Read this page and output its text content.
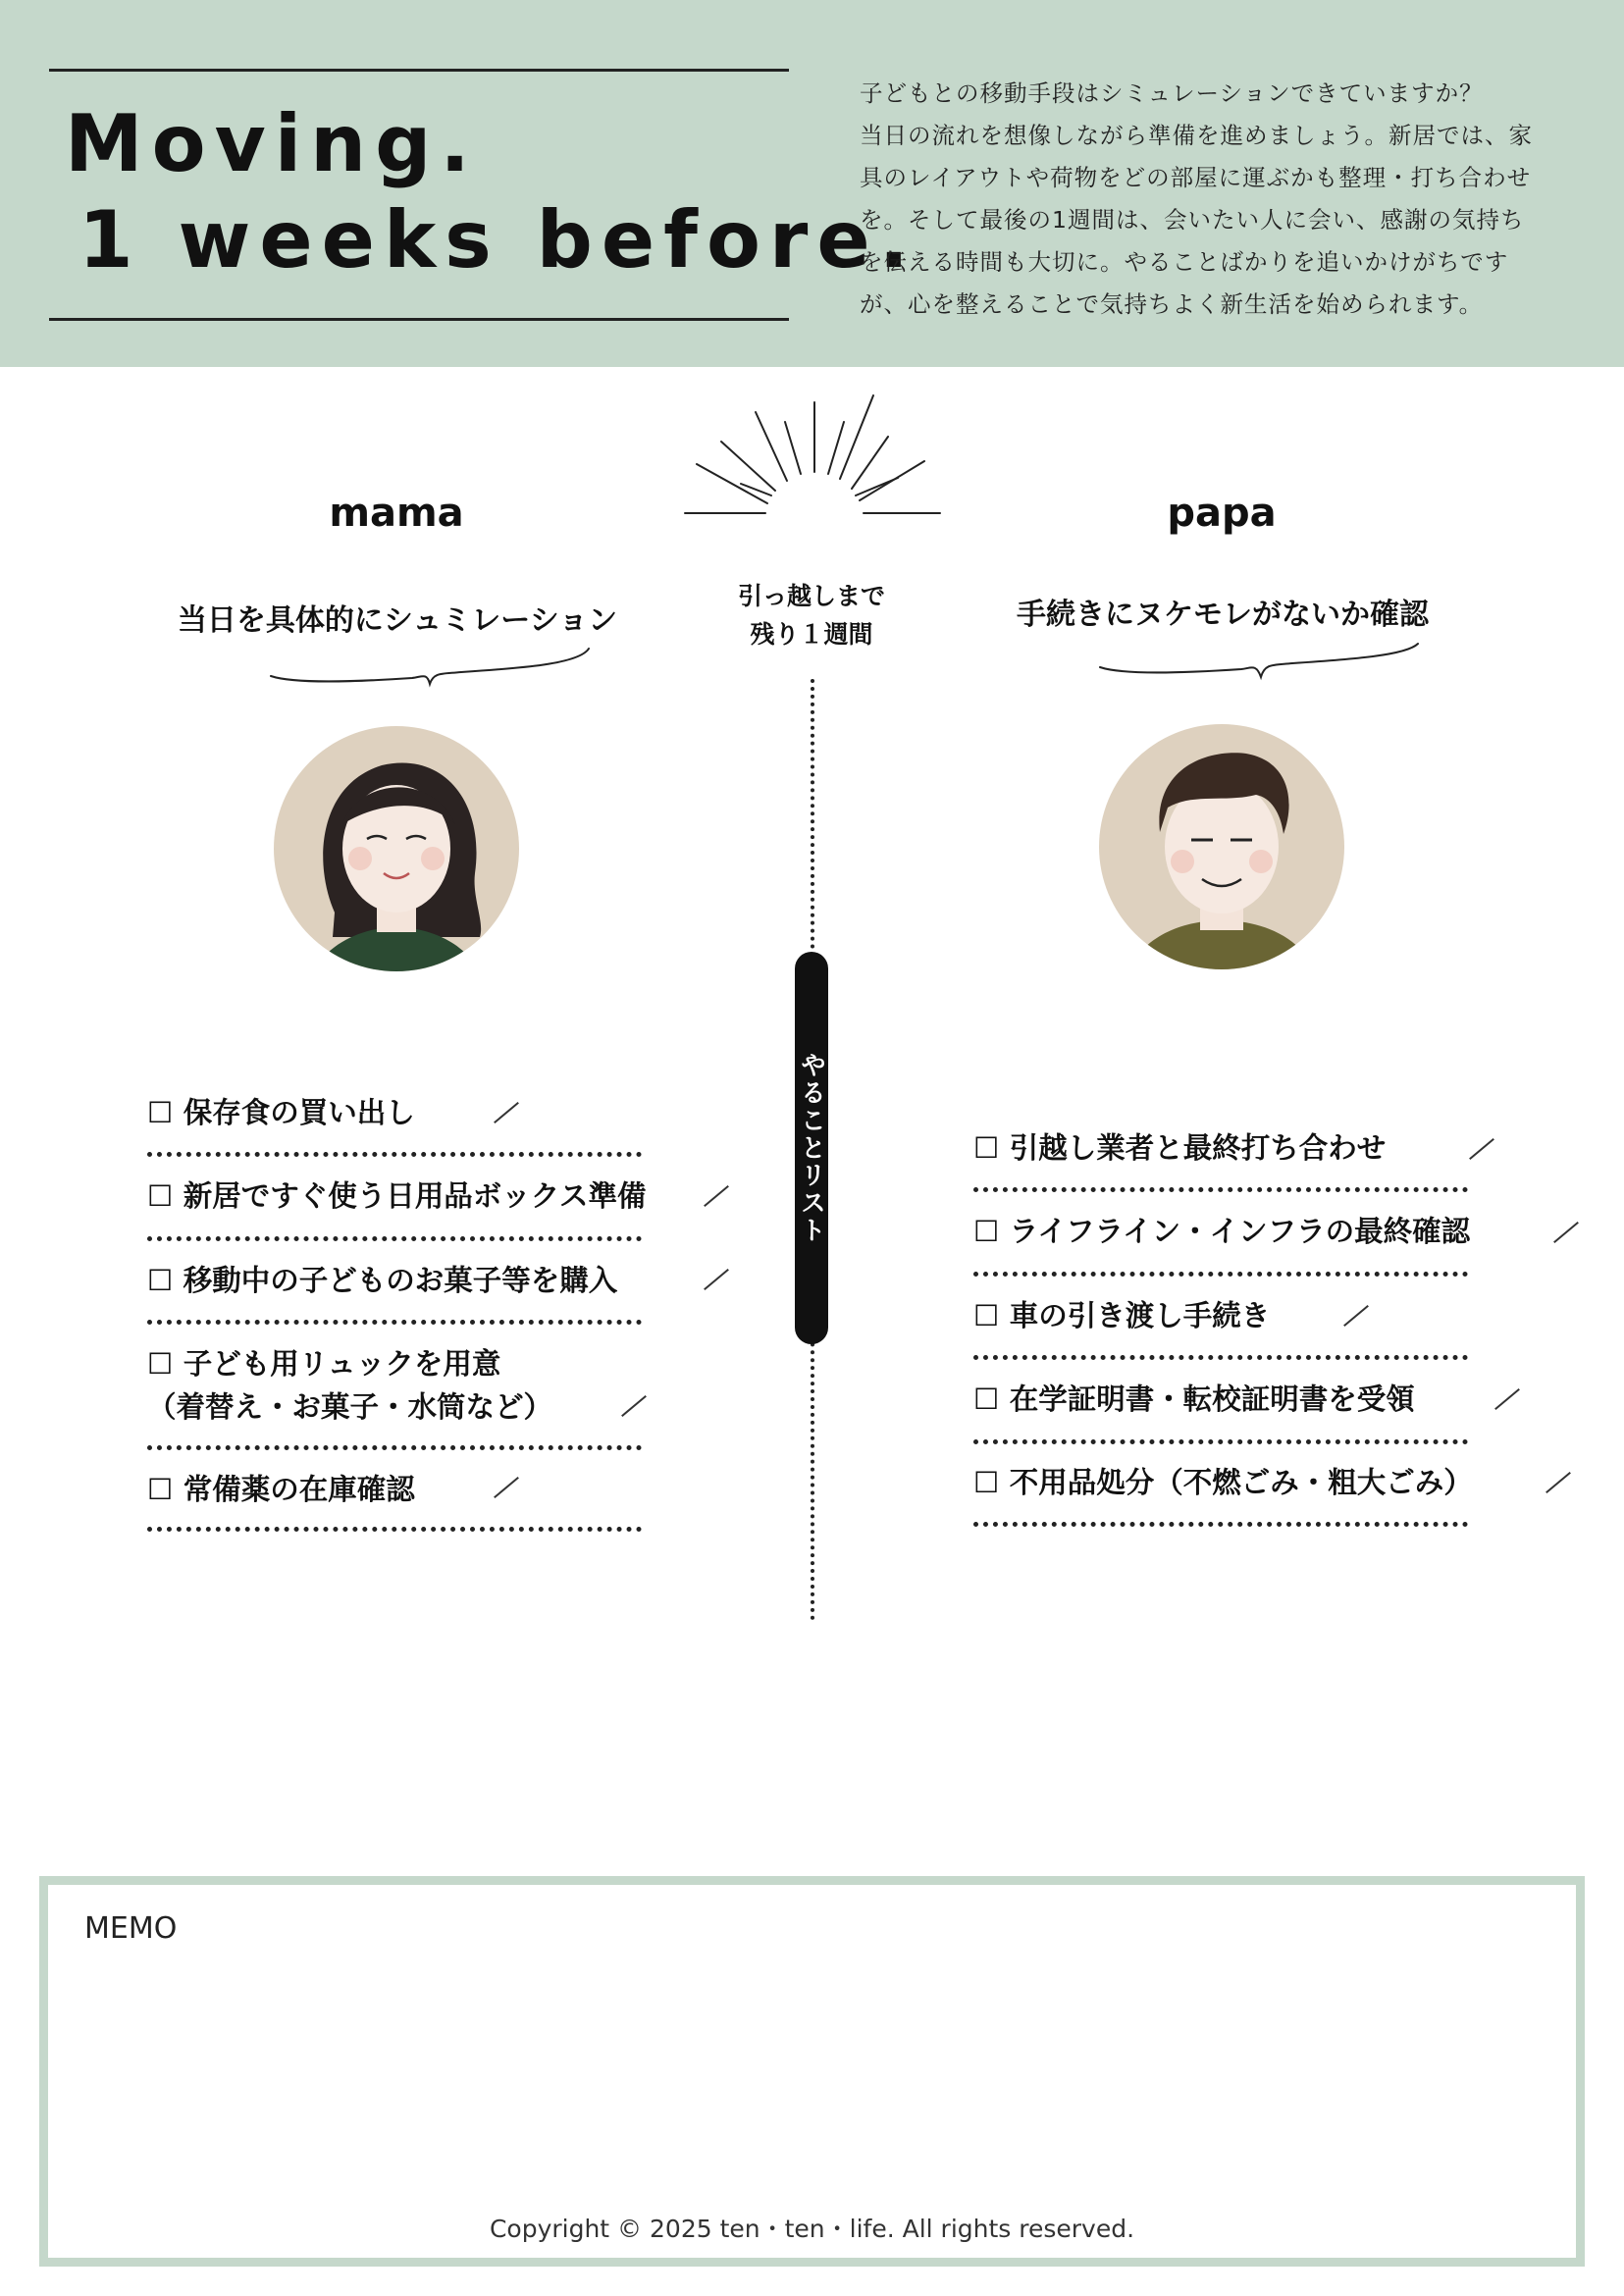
Moving.
1 weeks before.
子どもとの移動手段はシミュレーションできていますか？
当日の流れを想像しながら準備を進めましょう。新居では、家
具のレイアウトや荷物をどの部屋に運ぶかも整理・打ち合わせ
を。そして最後の1週間は、会いたい人に会い、感謝の気持ち
を伝える時間も大切に。やることばかりを追いかけがちです
が、心を整えることで気持ちよく新生活を始められます。
mama	papa
引っ越しまで
残り１週間
当日を具体的にシュミレーション	手続きにヌケモレがないか確認
やることリスト
☐ 保存食の買い出し
☐ 新居ですぐ使う日用品ボックス準備
☐ 移動中の子どものお菓子等を購入
☐ 子ども用リュックを用意
（着替え・お菓子・水筒など）
☐ 常備薬の在庫確認
☐ 引越し業者と最終打ち合わせ
☐ ライフライン・インフラの最終確認
☐ 車の引き渡し手続き
☐ 在学証明書・転校証明書を受領
☐ 不用品処分（不燃ごみ・粗大ごみ）
MEMO
Copyright © 2025 ten・ten・life. All rights reserved.
